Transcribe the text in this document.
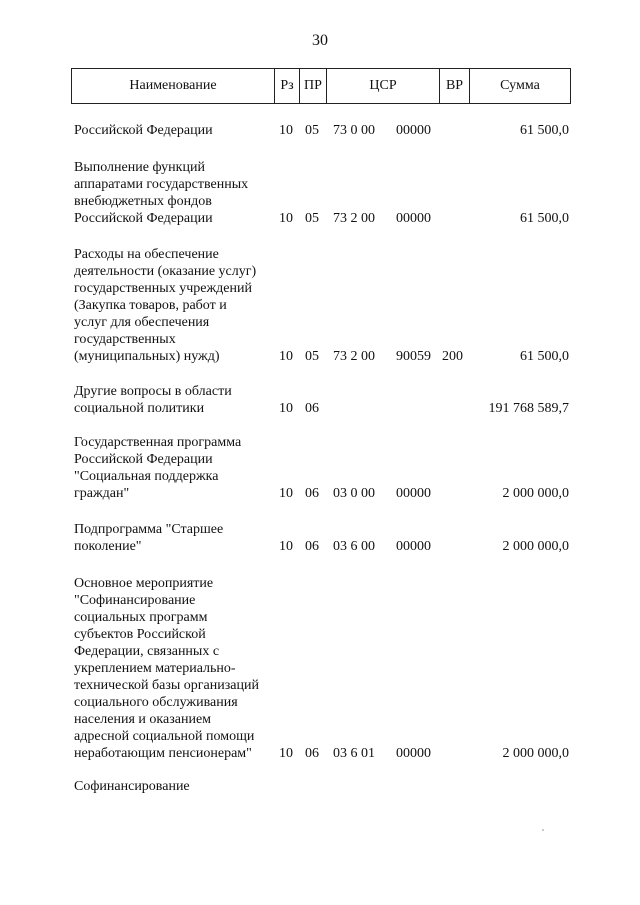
30
Наименование	Рз ПР	ЦСР	ВР	Сумма
Российской Федерации	10 05 73 0 00 00000	61 500,0
Выполнение функций
аппаратами государственных
внебюджетных фондов
Российской Федерации	10 05 73 2 00 00000	61 500,0
Расходы на обеспечение
деятельности (оказание услуг)
государственных учреждений
(Закупка товаров, работ и
услуг для обеспечения
государственных
(муниципальных) нужд)	10 05 73 2 00 90059 200	61 500,0
Другие вопросы в области
социальной политики	10 06	191 768 589,7
Государственная программа
Российской Федерации
"Социальная поддержка
граждан"	10 06 03 0 00 00000	2 000 000,0
Подпрограмма "Старшее
поколение"	10 06 03 6 00 00000	2 000 000,0
Основное мероприятие
"Софинансирование
социальных программ
субъектов Российской
Федерации, связанных с
укреплением материально-
технической базы организаций
социального обслуживания
населения и оказанием
адресной социальной помощи
неработающим пенсионерам"	10 06 03 6 01 00000	2 000 000,0
Софинансирование
